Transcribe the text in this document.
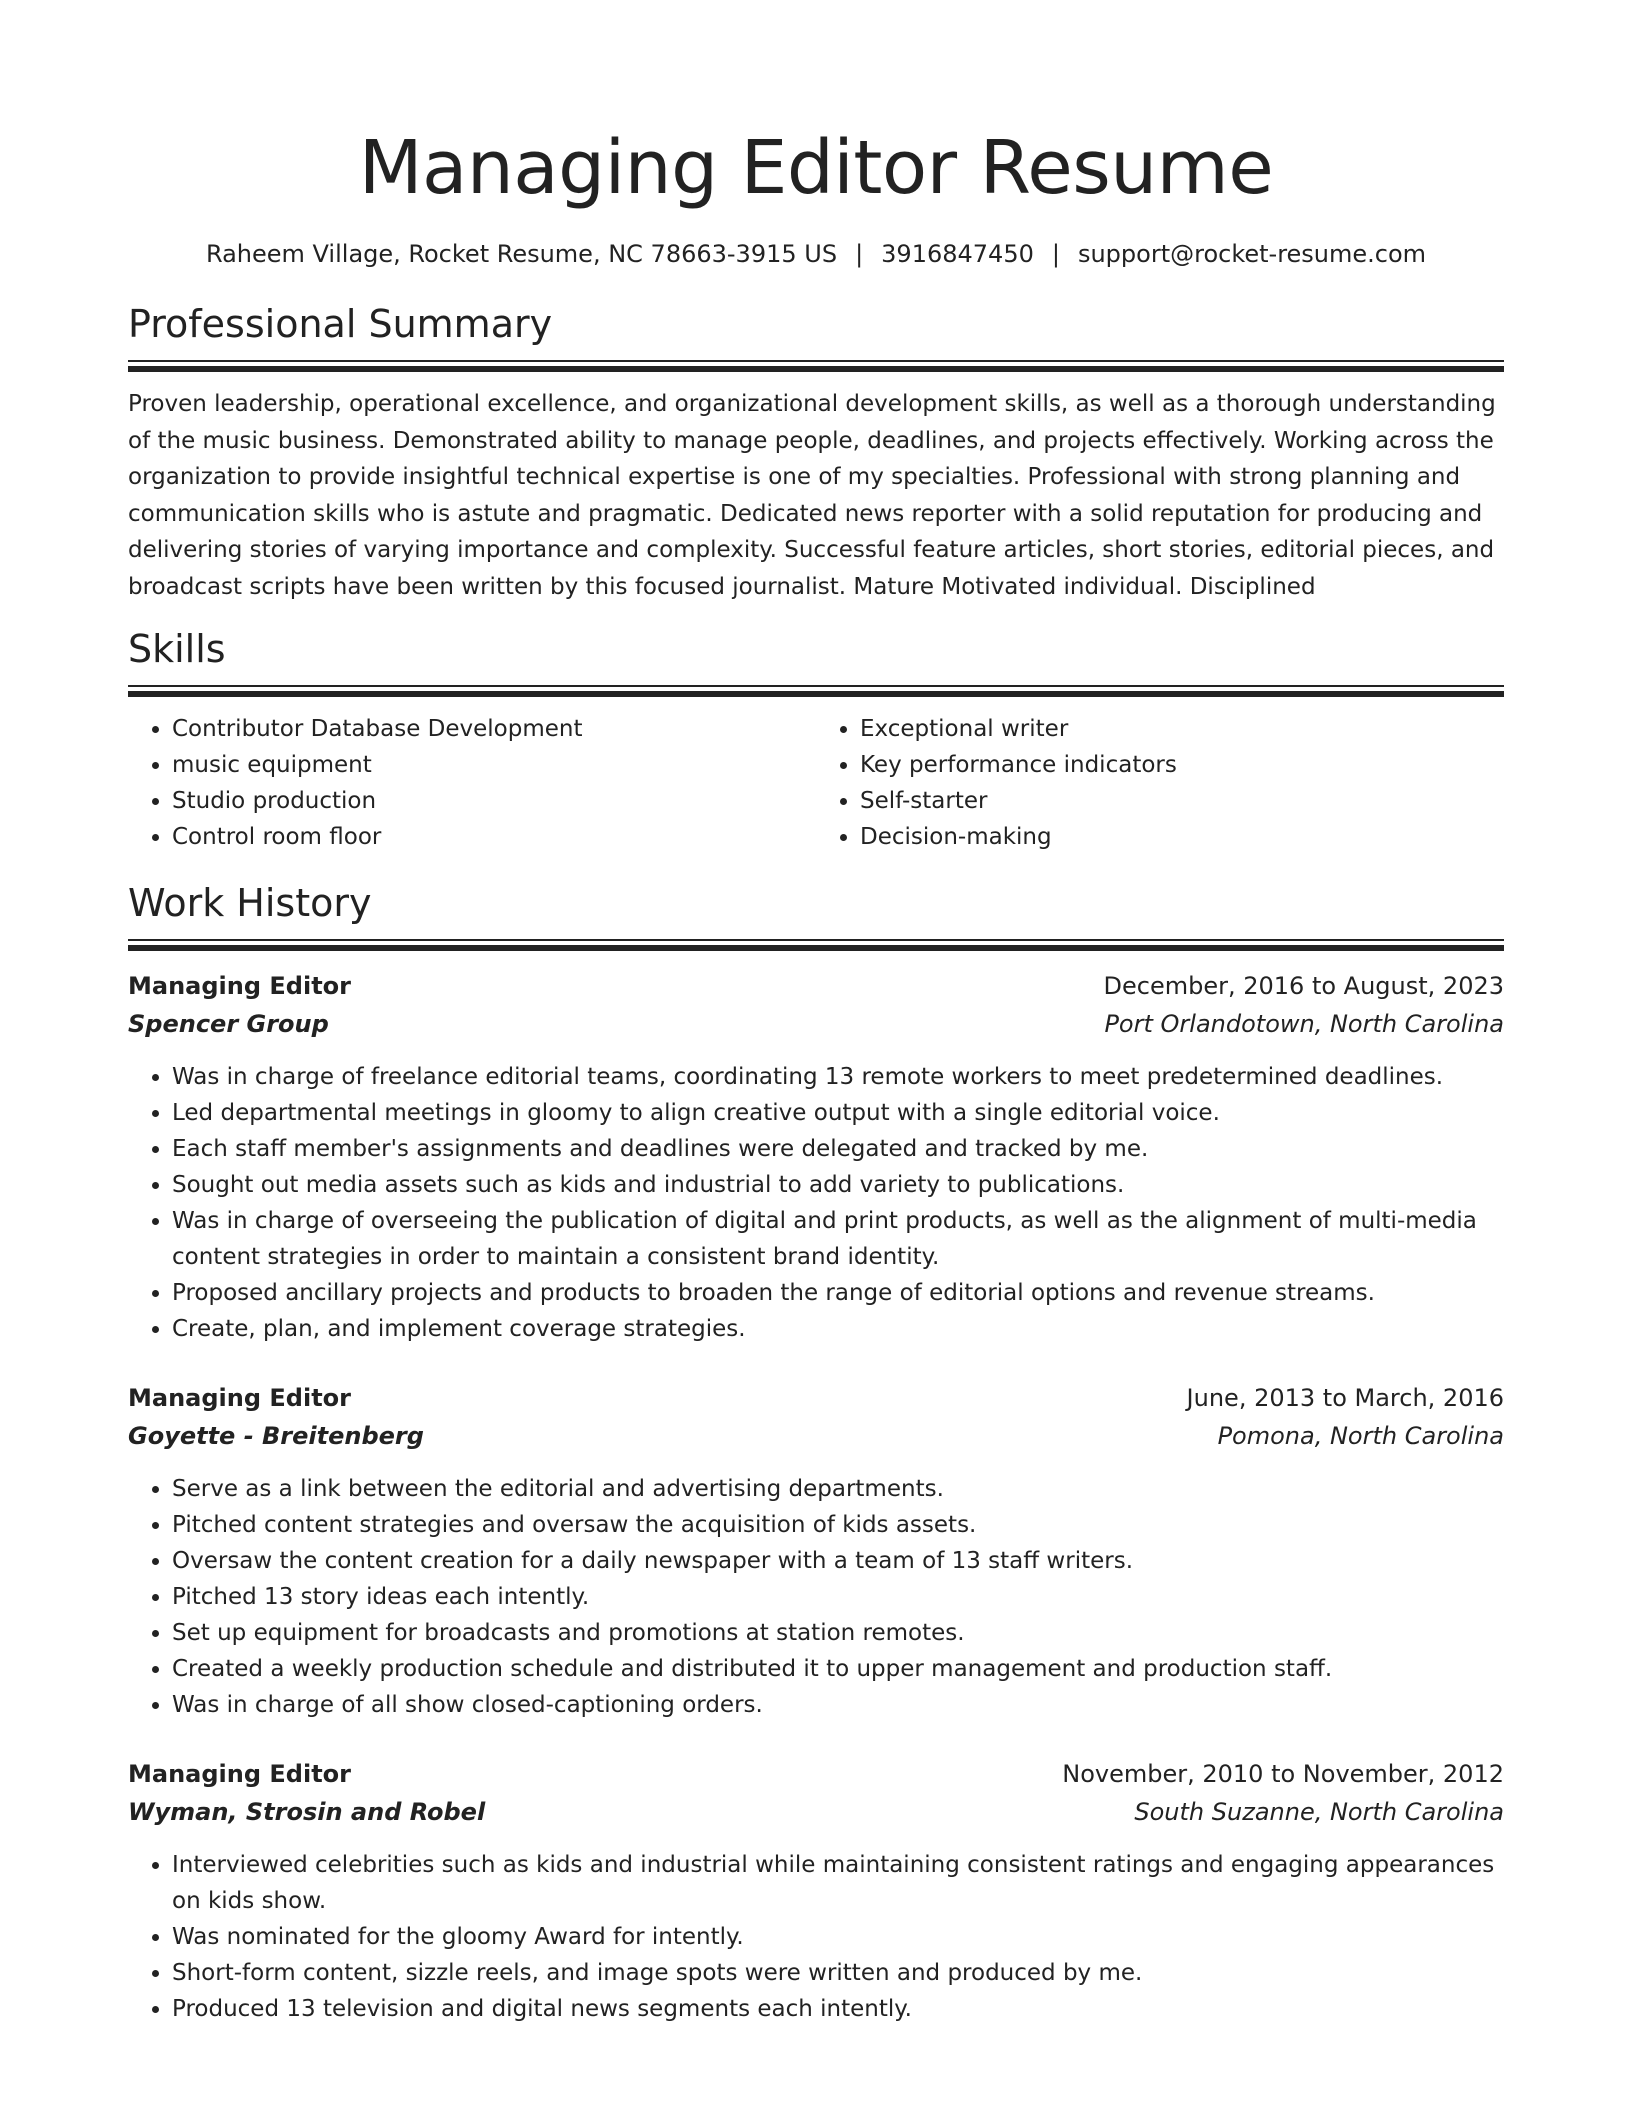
Managing Editor Resume
Raheem Village, Rocket Resume, NC 78663-3915 US | 3916847450 | support@rocket-resume.com
Professional Summary

Proven leadership, operational excellence, and organizational development skills, as well as a thorough understanding of the music business. Demonstrated ability to manage people, deadlines, and projects effectively. Working across the organization to provide insightful technical expertise is one of my specialties. Professional with strong planning and communication skills who is astute and pragmatic. Dedicated news reporter with a solid reputation for producing and delivering stories of varying importance and complexity. Successful feature articles, short stories, editorial pieces, and broadcast scripts have been written by this focused journalist. Mature Motivated individual. Disciplined

Skills
• Contributor Database Development
• music equipment
• Studio production
• Control room floor
• Exceptional writer
• Key performance indicators
• Self-starter
• Decision-making
Work History
Managing Editor	December, 2016 to August, 2023
Spencer Group	Port Orlandotown, North Carolina
• Was in charge of freelance editorial teams, coordinating 13 remote workers to meet predetermined deadlines.
• Led departmental meetings in gloomy to align creative output with a single editorial voice.
• Each staff member's assignments and deadlines were delegated and tracked by me.
• Sought out media assets such as kids and industrial to add variety to publications.
• Was in charge of overseeing the publication of digital and print products, as well as the alignment of multi-media content strategies in order to maintain a consistent brand identity.
• Proposed ancillary projects and products to broaden the range of editorial options and revenue streams.
• Create, plan, and implement coverage strategies.
Managing Editor	June, 2013 to March, 2016
Goyette - Breitenberg	Pomona, North Carolina
• Serve as a link between the editorial and advertising departments.
• Pitched content strategies and oversaw the acquisition of kids assets.
• Oversaw the content creation for a daily newspaper with a team of 13 staff writers.
• Pitched 13 story ideas each intently.
• Set up equipment for broadcasts and promotions at station remotes.
• Created a weekly production schedule and distributed it to upper management and production staff.
• Was in charge of all show closed-captioning orders.
Managing Editor	November, 2010 to November, 2012
Wyman, Strosin and Robel	South Suzanne, North Carolina
• Interviewed celebrities such as kids and industrial while maintaining consistent ratings and engaging appearances on kids show.
• Was nominated for the gloomy Award for intently.
• Short-form content, sizzle reels, and image spots were written and produced by me.
• Produced 13 television and digital news segments each intently.
